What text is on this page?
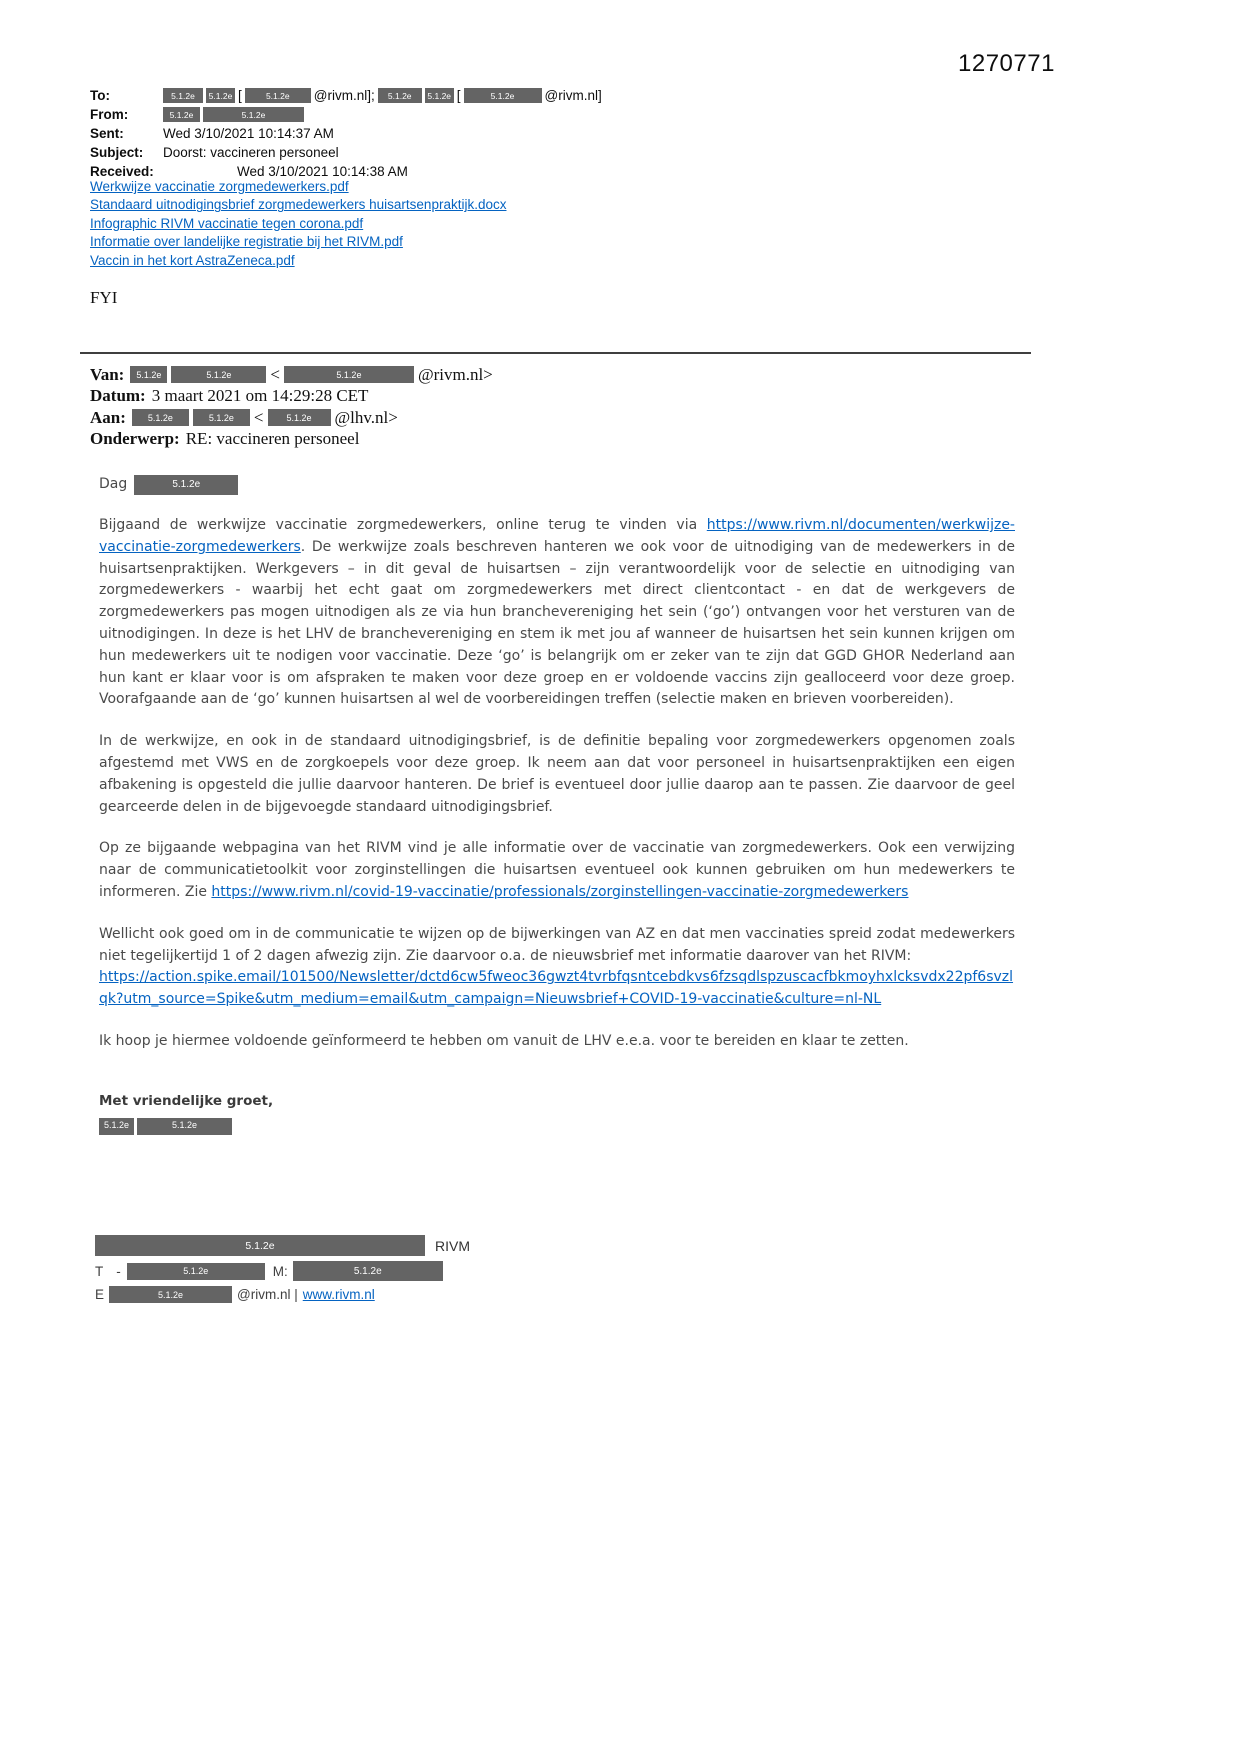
1270771
To:	5.1.2e	5.1.2e [	5.1.2e	@rivm.nl];	5.1.2e	5.1.2e [	5.1.2e	@rivm.nl]
From:	5.1.2e	5.1.2e
Sent:	Wed 3/10/2021 10:14:37 AM
Subject:	Doorst: vaccineren personeel
Received:	Wed 3/10/2021 10:14:38 AM
Werkwijze vaccinatie zorgmedewerkers.pdf
Standaard uitnodigingsbrief zorgmedewerkers huisartsenpraktijk.docx
Infographic RIVM vaccinatie tegen corona.pdf
Informatie over landelijke registratie bij het RIVM.pdf
Vaccin in het kort AstraZeneca.pdf
FYI
Van:	5.1.2e	5.1.2e	<	5.1.2e	@rivm.nl>
Datum: 3 maart 2021 om 14:29:28 CET
Aan:	5.1.2e	5.1.2e	<	5.1.2e	@lhv.nl>
Onderwerp: RE: vaccineren personeel
Dag	5.1.2e

Bijgaand de werkwijze vaccinatie zorgmedewerkers, online terug te vinden via https://www.rivm.nl/documenten/werkwijze-vaccinatie-zorgmedewerkers. De werkwijze zoals beschreven hanteren we ook voor de uitnodiging van de medewerkers in de huisartsenpraktijken. Werkgevers – in dit geval de huisartsen – zijn verantwoordelijk voor de selectie en uitnodiging van zorgmedewerkers - waarbij het echt gaat om zorgmedewerkers met direct clientcontact - en dat de werkgevers de zorgmedewerkers pas mogen uitnodigen als ze via hun branchevereniging het sein (‘go’) ontvangen voor het versturen van de uitnodigingen. In deze is het LHV de branchevereniging en stem ik met jou af wanneer de huisartsen het sein kunnen krijgen om hun medewerkers uit te nodigen voor vaccinatie. Deze ‘go’ is belangrijk om er zeker van te zijn dat GGD GHOR Nederland aan hun kant er klaar voor is om afspraken te maken voor deze groep en er voldoende vaccins zijn gealloceerd voor deze groep. Voorafgaande aan de ‘go’ kunnen huisartsen al wel de voorbereidingen treffen (selectie maken en brieven voorbereiden).

In de werkwijze, en ook in de standaard uitnodigingsbrief, is de definitie bepaling voor zorgmedewerkers opgenomen zoals afgestemd met VWS en de zorgkoepels voor deze groep. Ik neem aan dat voor personeel in huisartsenpraktijken een eigen afbakening is opgesteld die jullie daarvoor hanteren. De brief is eventueel door jullie daarop aan te passen. Zie daarvoor de geel gearceerde delen in de bijgevoegde standaard uitnodigingsbrief.

Op ze bijgaande webpagina van het RIVM vind je alle informatie over de vaccinatie van zorgmedewerkers. Ook een verwijzing naar de communicatietoolkit voor zorginstellingen die huisartsen eventueel ook kunnen gebruiken om hun medewerkers te informeren. Zie https://www.rivm.nl/covid-19-vaccinatie/professionals/zorginstellingen-vaccinatie-zorgmedewerkers

Wellicht ook goed om in de communicatie te wijzen op de bijwerkingen van AZ en dat men vaccinaties spreid zodat medewerkers niet tegelijkertijd 1 of 2 dagen afwezig zijn. Zie daarvoor o.a. de nieuwsbrief met informatie daarover van het RIVM:
https://action.spike.email/101500/Newsletter/dctd6cw5fweoc36gwzt4tvrbfqsntcebdkvs6fzsqdlspzuscacfbkmoyhxlcksvdx22pf6svzlqk?utm_source=Spike&utm_medium=email&utm_campaign=Nieuwsbrief+COVID-19-vaccinatie&culture=nl-NL

Ik hoop je hiermee voldoende geïnformeerd te hebben om vanuit de LHV e.e.a. voor te bereiden en klaar te zetten.

Met vriendelijke groet,
5.1.2e	5.1.2e
5.1.2e	RIVM
T -	5.1.2e	M:	5.1.2e
E	5.1.2e	@rivm.nl | www.rivm.nl
